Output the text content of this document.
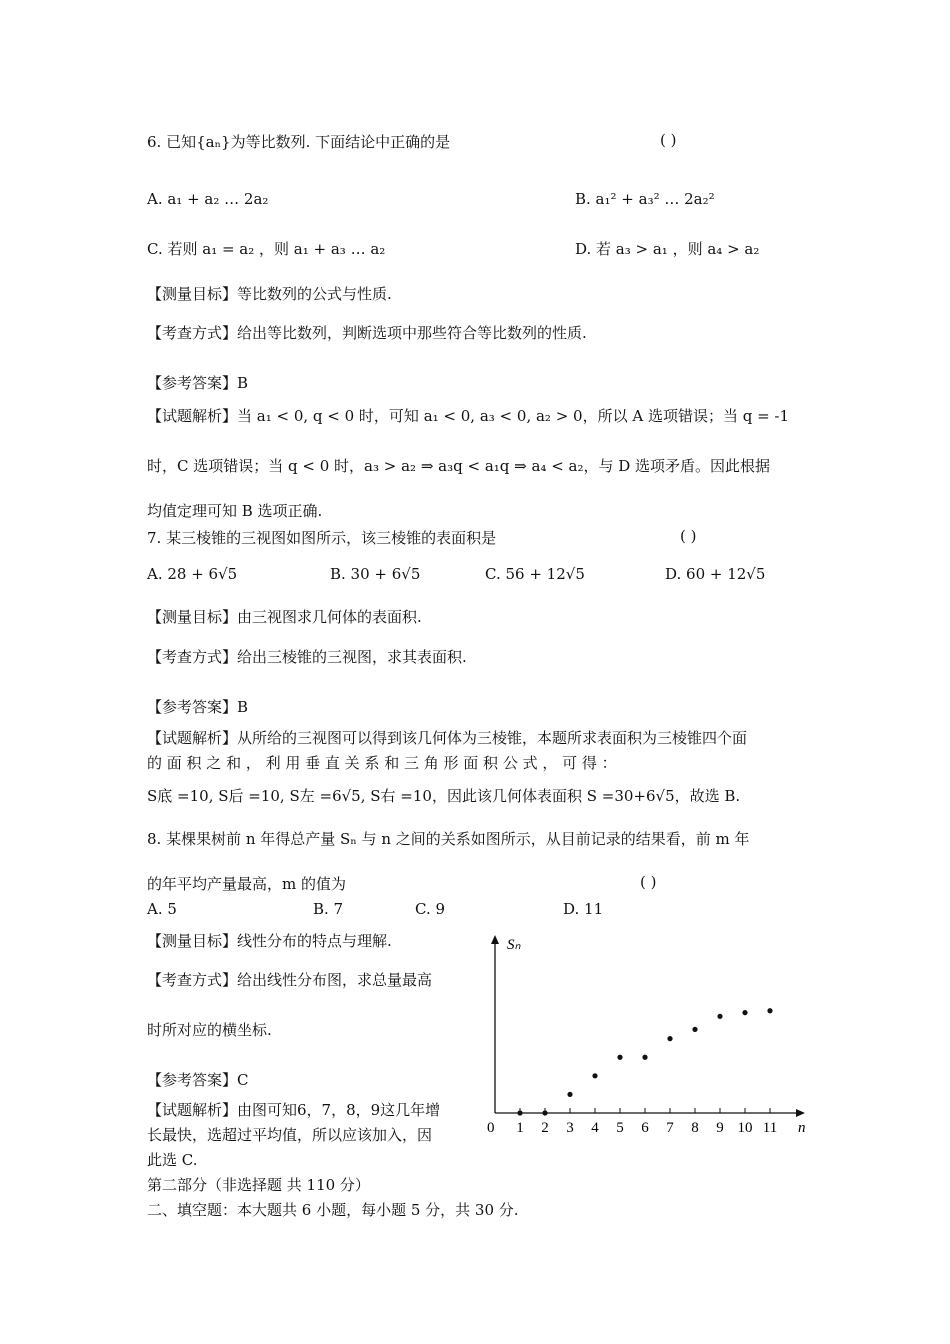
6. 已知{aₙ}为等比数列. 下面结论中正确的是	( )
A. a₁ + a₂ … 2a₂	B. a₁² + a₃² … 2a₂²
C. 若则 a₁ = a₂ ，则 a₁ + a₃ … a₂	D. 若 a₃ > a₁ ，则 a₄ > a₂
【测量目标】等比数列的公式与性质.
【考查方式】给出等比数列，判断选项中那些符合等比数列的性质.
【参考答案】B
【试题解析】当 a₁ < 0, q < 0 时，可知 a₁ < 0, a₃ < 0, a₂ > 0，所以 A 选项错误；当 q = -1
时，C 选项错误；当 q < 0 时，a₃ > a₂ ⇒ a₃q < a₁q ⇒ a₄ < a₂，与 D 选项矛盾。因此根据
均值定理可知 B 选项正确.
7. 某三棱锥的三视图如图所示，该三棱锥的表面积是	( )
A. 28 + 6√5	B. 30 + 6√5	C. 56 + 12√5	D. 60 + 12√5
【测量目标】由三视图求几何体的表面积.
【考查方式】给出三棱锥的三视图，求其表面积.
【参考答案】B
【试题解析】从所给的三视图可以得到该几何体为三棱锥，本题所求表面积为三棱锥四个面
的 面 积 之 和 ， 利 用 垂 直 关 系 和 三 角 形 面 积 公 式 ， 可 得 ：
S底 =10, S后 =10, S左 =6√5, S右 =10，因此该几何体表面积 S =30+6√5，故选 B.
8. 某棵果树前 n 年得总产量 Sₙ 与 n 之间的关系如图所示，从目前记录的结果看，前 m 年
的年平均产量最高，m 的值为	( )
A. 5	B. 7	C. 9	D. 11
【测量目标】线性分布的特点与理解.
【考查方式】给出线性分布图，求总量最高
时所对应的横坐标.
【参考答案】C
【试题解析】由图可知6，7，8，9这几年增
长最快，选超过平均值，所以应该加入，因
此选 C.
第二部分（非选择题 共 110 分）
二、填空题：本大题共 6 小题，每小题 5 分，共 30 分.
Sₙ
n
0 1 2 3 4 5 6 7 8 9 10 11
